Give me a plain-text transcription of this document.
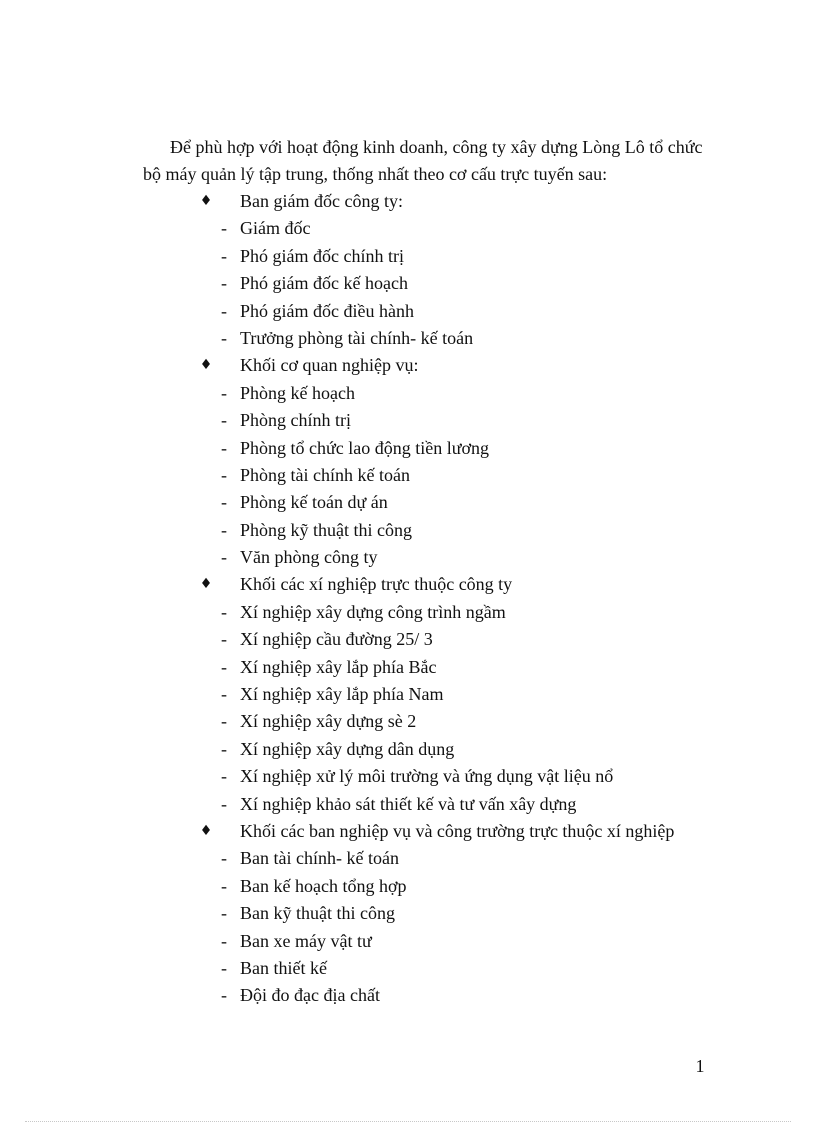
Để phù hợp với hoạt động kinh doanh, công ty xây dựng Lòng Lô tổ chức bộ máy quản lý tập trung, thống nhất theo cơ cấu trực tuyến sau:

♦ Ban giám đốc công ty:
- Giám đốc
- Phó giám đốc chính trị
- Phó giám đốc kế hoạch
- Phó giám đốc điều hành
- Trưởng phòng tài chính- kế toán
♦ Khối cơ quan nghiệp vụ:
- Phòng kế hoạch
- Phòng chính trị
- Phòng tổ chức lao động tiền lương
- Phòng tài chính kế toán
- Phòng kế toán dự án
- Phòng kỹ thuật thi công
- Văn phòng công ty
♦ Khối các xí nghiệp trực thuộc công ty
- Xí nghiệp xây dựng công trình ngầm
- Xí nghiệp cầu đường 25/ 3
- Xí nghiệp xây lắp phía Bắc
- Xí nghiệp xây lắp phía Nam
- Xí nghiệp xây dựng sè 2
- Xí nghiệp xây dựng dân dụng
- Xí nghiệp xử lý môi trường và ứng dụng vật liệu nổ
- Xí nghiệp khảo sát thiết kế và tư vấn xây dựng
♦ Khối các ban nghiệp vụ và công trường trực thuộc xí nghiệp
- Ban tài chính- kế toán
- Ban kế hoạch tổng hợp
- Ban kỹ thuật thi công
- Ban xe máy vật tư
- Ban thiết kế
- Đội đo đạc địa chất
1
